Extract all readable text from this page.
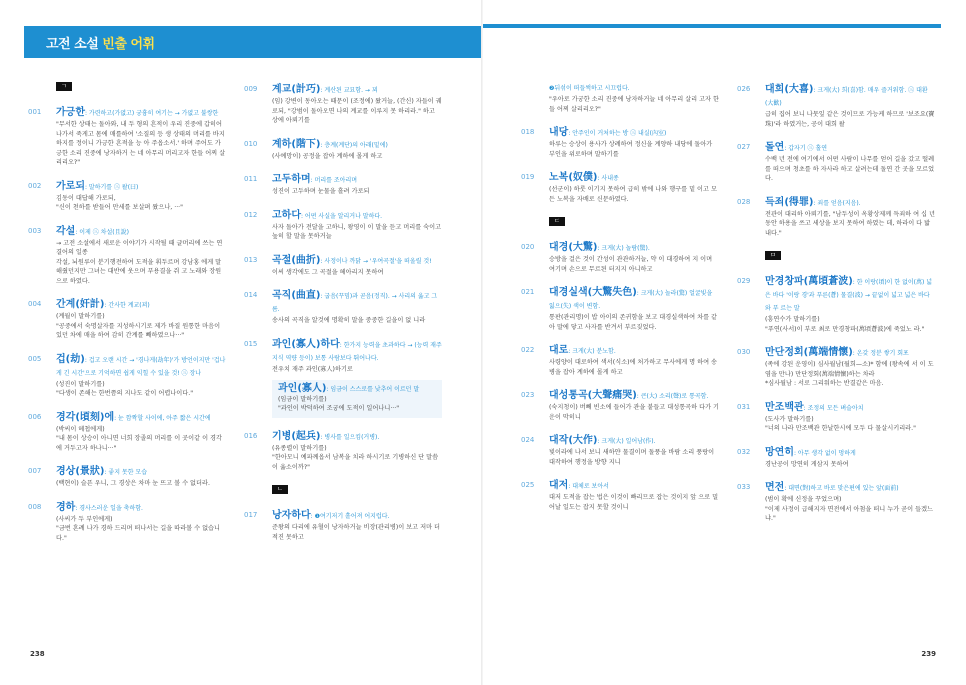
고전 소설 빈출 어휘
ㄱ
001 가긍한: 가련하고(가엾고) 궁흉히 여기는 → 가엾고 불쌍한
"무서한 상태는 돌아와, 내 두 형의 흔적이 우리 진중에 갑히어 나가서 죽게고 몸에 매를하여 '소질의 등 생 상태의 머리를 바지 하지를 정이니 가긍한 흔적을 능 아 주옵소서.' 하며 주어도 가긍한 소리 진중에 낭자하거 는 네 아무리 머리고자 한들 어찌 살리리오?"
002 가로되: 말하기를 ㊂ 왈(曰)
김동이 대답해 가로되,
"신이 천하를 받들어 만세를 보살펴 왔으나, ···"
003 각설: 이제 ㊂ 차설(且說)
→ 고전 소설에서 새로운 이야기가 시작될 때 글머리에 쓰는 연결어의 일종
각설, 뇌원루이 분기행전하여 도적을 휘두르며 강남홍 에게 말해줬던지만 그녀는 대반에 웃으며 푸용결을 쥐 고 노래와 장원으로 하였다.
004 간계(奸計): 간사한 계교(꾀)
(계월이 말하기를)
"공중에서 숙명살자를 지성하시기로 제가 바질 원통한 마음이 있던 차에 매을 하여 감히 간계를 빼하였으나···"
005 겁(劫): 겁고 오랜 시간 → '경나게(劫年)'가 방언이지만 '겁나게 긴 시간'으로 기억하면 쉽게 익힐 수 있을 것! ㊂ 장나
(성진이 말하기를)
"다생이 존해는 한번쯤의 지나도 같이 어렵나이다."
006 경각(頃刻)에: 눈 깜짝할 사이에, 아주 짧은 시간에
(박씨이 헤첩에게)
"내 몸이 상승이 아니면 너희 장졸의 머리를 이 곳이같 이 경각에 거두고자 하나니···"
007 경상(景狀): 좋지 못한 모습
(백현이) 슬픈 우니, 그 경상은 차마 눈 뜨고 볼 수 없더라.
008 경하: 경사스러운 일을 축하함.
(사씨가 두 부인에게)
"금번 혼례 나가 경하 드리며 떠나서는 길을 따라볼 수 없습니다."
009 계교(計巧): 계산된 교묘함. → 꾀
(임) 강변이 동아오는 때문이 (조정에) 왔거늘, (간신) 자들이 궤로되, "강범이 돌아오면 나의 계교를 이루지 못 하리라." 하고 상에 아뢰기를
010 계하(階下): 층계(계단)의 아래(밑에)
(사예망이) 공정을 잡아 계하에 몰게 하고
011 고두하며: 머리를 조아리며
성진이 고두하며 눈물을 흘려 가로되
012 고하다: 어떤 사실을 알리거나 말하다.
사자 돌아가 전달을 고하니, 왕영이 이 말을 듣고 머리를 숙이고 높히 할 말을 못하거늘
013 곡절(曲折): 사정이나 까닭 → '우여곡절'을 떠올릴 것!
이씨 생각에도 그 곡절을 헤아리지 못하여
014 곡직(曲直): 굽음(꾸밈)과 곧음(정직). → 사리의 옳고 그름.
송사의 곡직을 알것에 명확히 말을 중중한 길을이 없 니라
015 과인(寡人)하다: 한가지 능력을 초과하다 → (능력 재주 지식 역량 등이) 보통 사람보다 뛰어나다.
전우치 재주 과인(寡人)하기로
과인(寡人): 임금이 스스로를 낮추어 이르던 말
(임금이 말하기를)
"과인이 박덕하여 조궁에 도적이 일어나니···"
016 기병(起兵): 병사를 일으킴(거병).
(유종렬이 말하기를)
"한아모니 예파께옵서 남복을 치라 하시기로 기병하신 단 말씀이 옳소이까?"
ㄴ
017 낭자하다: ❶여기저기 흩어져 어지럽다.
준왕의 다리에 유혈이 낭자하거늘 비장(관리병)이 보고 저마 더 적진 못하고
238
❷뒤섞이 떠들썩하고 시끄럽다.
"우아로 가궁한 소리 진중에 낭자하거늘 네 아무리 살리 고자 한들 어찌 살리리오?"
018 내당: 안주인이 거처하는 방 ㊂ 내실(內室)
하루는 승상이 용사가 상례하여 정신을 계양하 내당에 돌아가 부인을 위로하며 말하기를
019 노복(奴僕): 사내종
(선군이) 하룻 이기지 못하여 급히 밖에 나와 행구를 밑 이고 모든 노복을 자배로 신문하였다.
ㄷ
020 대경(大驚): 크게(大) 놀람(驚).
승방을 걸은 것이 간성이 관관하거늘, 약 이 대경하여 지 이며 여기며 손으로 무르된 터지지 아니하고
021 대경실색(大驚失色): 크게(大) 놀라(驚) 얼굴빛을 잃으(失) 색이 변함.
통판(관리명)이 밥 아이의 존귀함을 보고 대경실색하여 차를 같아 말에 닿고 사자를 반겨서 부르짖었다.
022 대로: 크게(大) 분노함.
사령양이 대로하여 색서(식소)에 처가하고 무사에게 명 하여 송병을 잡아 계하에 몰게 하고
023 대성통곡(大聲痛哭): 큰(大) 소리(聲)로 통곡함.
(숙지청이) 버뻬 빈소에 들어가 관을 붙들고 대성통곡하 다가 기운이 막히니
024 대작(大作): 크게(大) 일어남(作).
빛이라에 나서 보니 새하얀 물결이며 돌풍을 바람 소리 풍랑이 대작하여 행정을 방향 지니
025 대저: 대체로 보아서
대저 도적을 잡는 법은 이것이 빠리므로 잡는 것이지 앞 으로 밀어날 일도는 잡지 못할 것이니
026 대희(大喜): 크게(大) 희(喜)함. 매우 즐거워함. ㊂ 대환(大歡)
급히 집어 보니 나뭇잎 같은 것이므로 가능케 하므로 '보조요(寶珠)'라 하였거는, 공이 대희 왈
027 돌연: 갑자기 ㊂ 홀연
수백 년 전에 여기에서 어떤 사람이 나무를 얻어 길을 갔고 떨례를 떠으며 청초를 하 자사라 하고 살려는데 돌연 간 곳을 모르었다.
028 득죄(得罪): 죄를 얻음(지음).
전관이 대리하 아뢰기를, "남두성이 옥황상제께 득죄하 여 십 년 동안 하용을 쓰고 세상을 보지 못하여 하였는 데, 하라이 다 밟내다."
ㅁ
029 만경창파(萬頃蒼波): 한 이랑(頃)이 한 없이(萬) 넓은 바다 '이랑 경'과 푸른(蒼) 물결(波) → 끝없이 넓고 넓은 바다와 푸 르는 말
(흥연수가 말하기를)
"푸연(사서)이 부로 최로 만경창파(萬頃蒼波)에 죽었노 라."
030 만단정회(萬端情懷): 온갖 정분 쌓기 회포
(족에 강된 운영이) 심사월남(월희—소)* 함에 (왕속에 서 이 도염을 만나) 만단정회(萬端情懷)하는 차라
*심사월남 : 서로 그리워하는 반결같은 마음.
031 만조백관: 조정의 모든 벼슬아치
(도사가 말하기를)
"너의 나라 만조백관 한날한시에 모두 다 물살시키리라."
032 망연히: 아무 생각 없이 멍하게
경난공이 망연히 게삼지 못하여
033 면전: 대면(對)하고 바로 맞은편에 있는 앞(面前)
(범이 확에 신정을 꾸었으며)
"이제 사정이 급해지자 면전에서 아첨을 떠니 누가 곧이 들겠느냐."
239
